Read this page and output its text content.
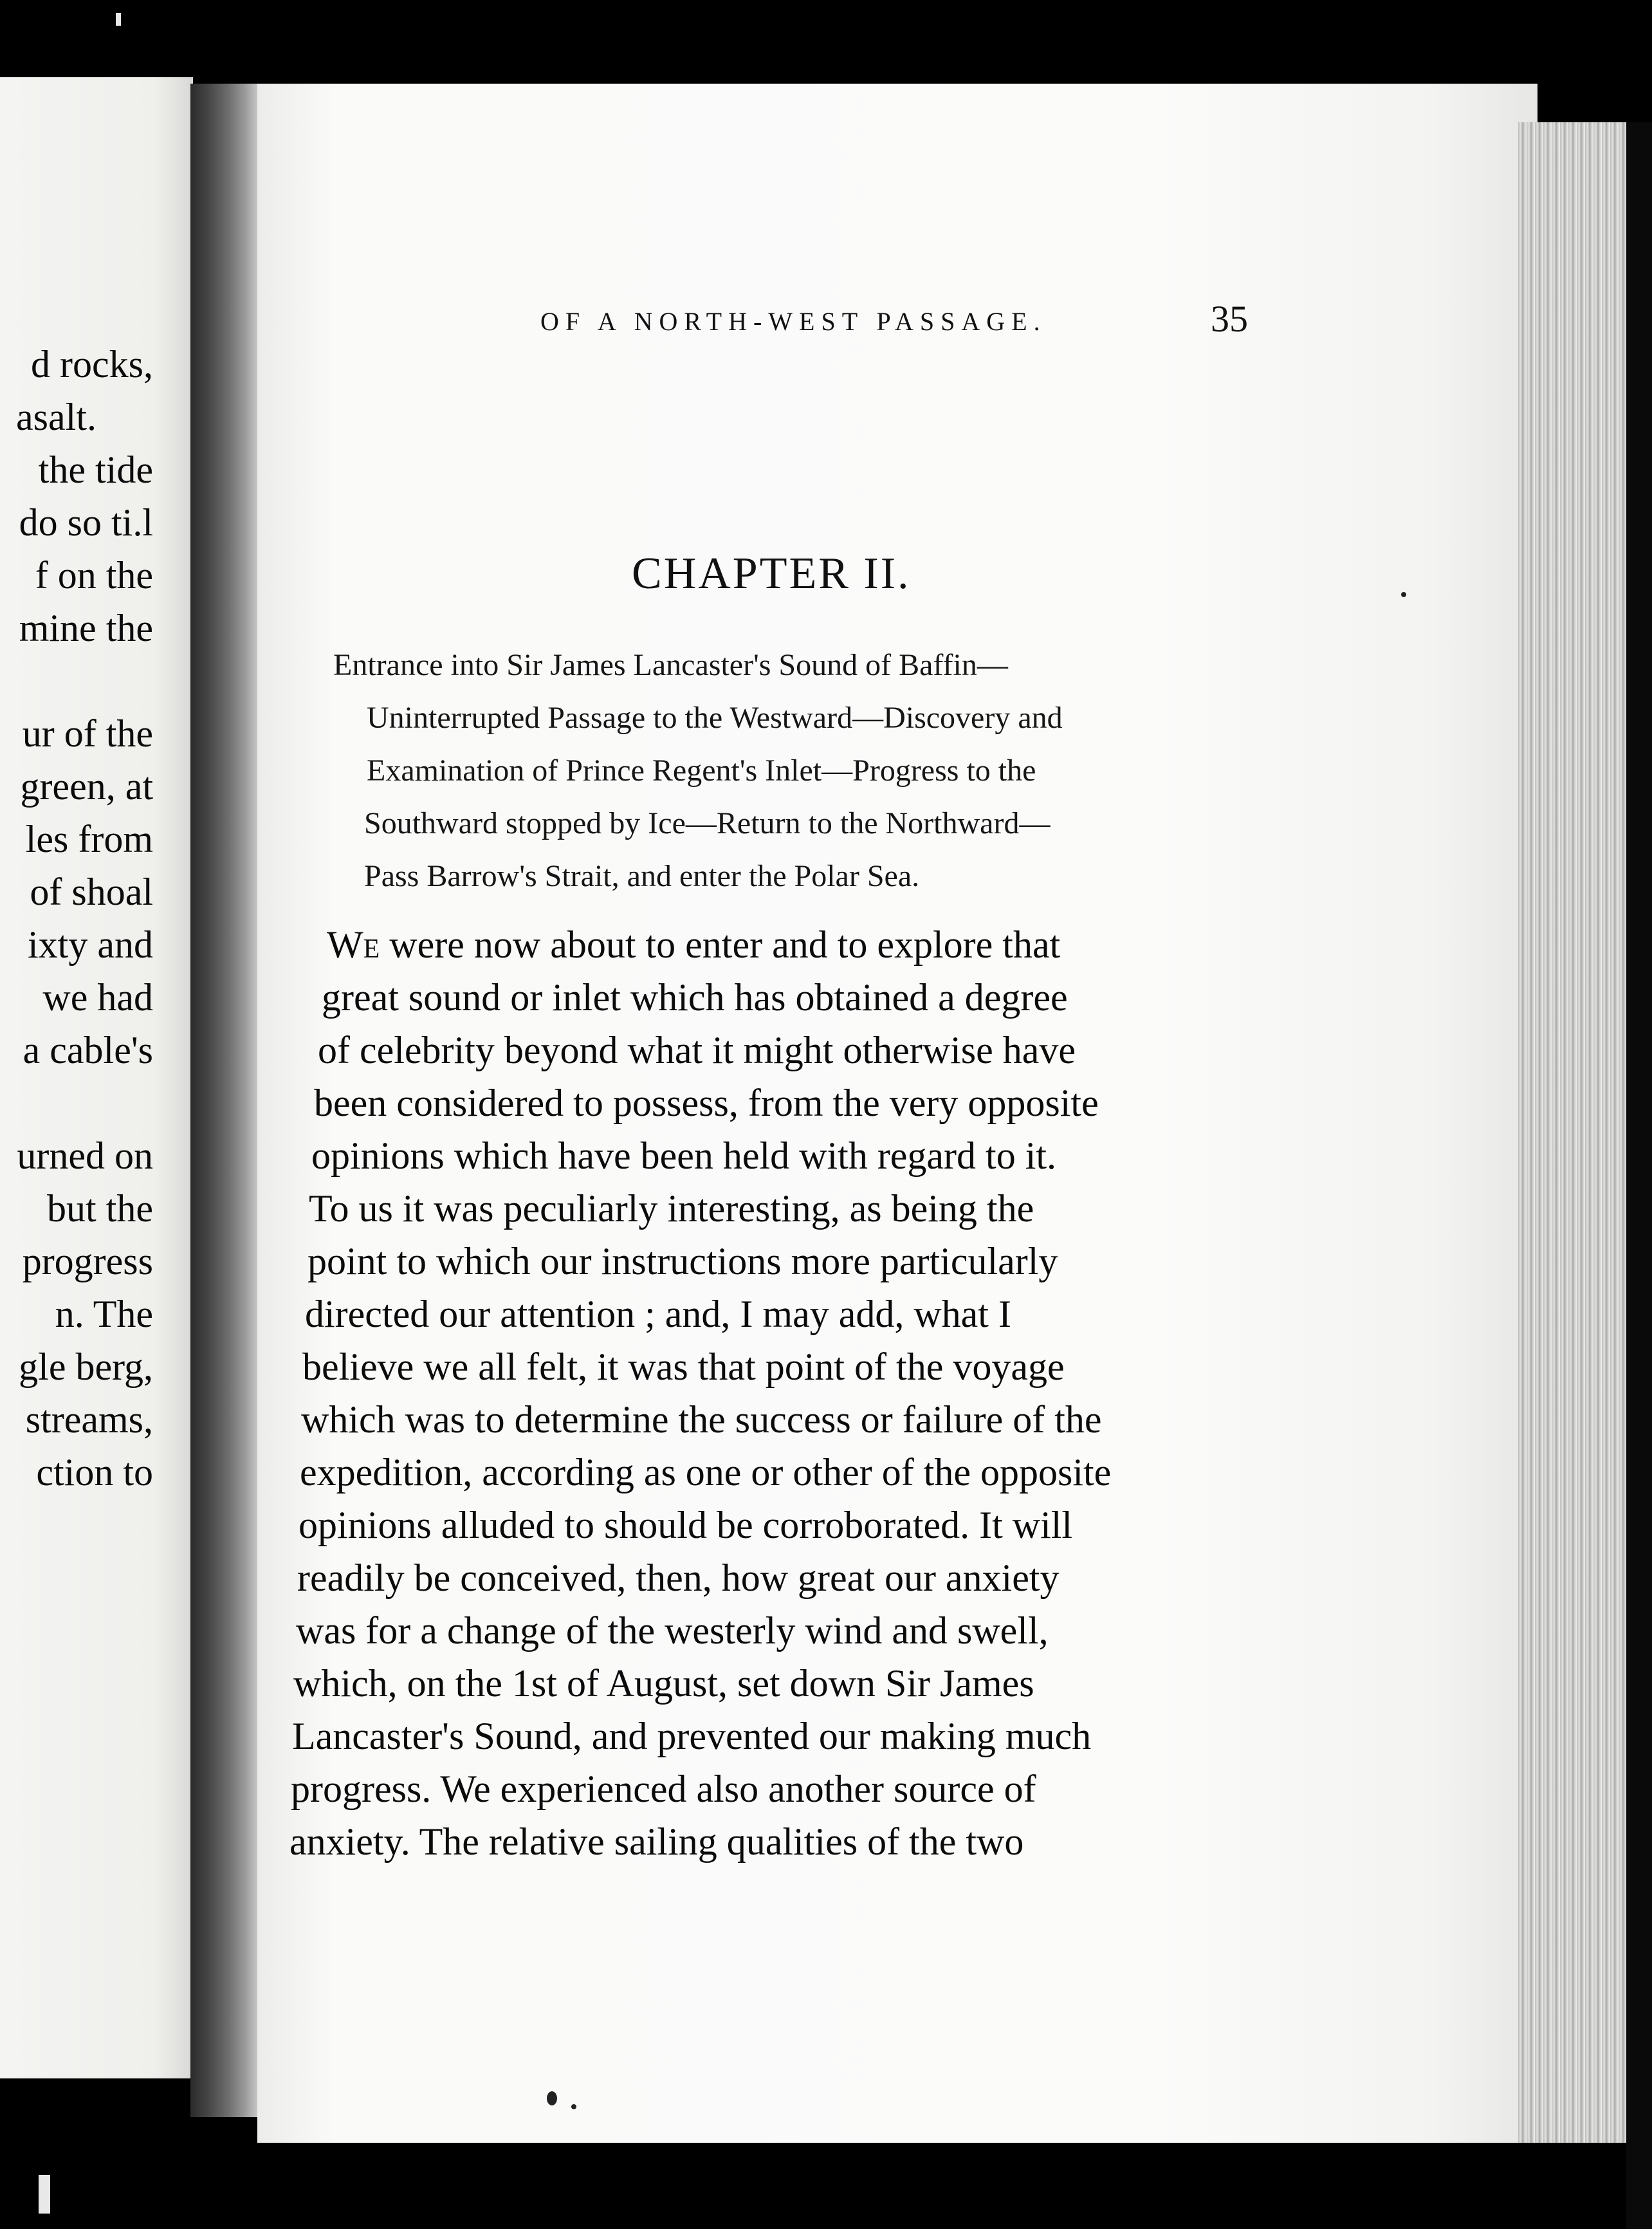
d rocks,
asalt.
the tide
do so ti.l
f on the
mine the
ur of the
green, at
les from
of shoal
ixty and
we had
a cable's
urned on
but the
progress
n. The
gle berg,
streams,
ction to
OF A NORTH-WEST PASSAGE.	35
CHAPTER II.
Entrance into Sir James Lancaster's Sound of Baffin—
Uninterrupted Passage to the Westward—Discovery and
Examination of Prince Regent's Inlet—Progress to the
Southward stopped by Ice—Return to the Northward—
Pass Barrow's Strait, and enter the Polar Sea.
We were now about to enter and to explore that
great sound or inlet which has obtained a degree
of celebrity beyond what it might otherwise have
been considered to possess, from the very opposite
opinions which have been held with regard to it.
To us it was peculiarly interesting, as being the
point to which our instructions more particularly
directed our attention ; and, I may add, what I
believe we all felt, it was that point of the voyage
which was to determine the success or failure of the
expedition, according as one or other of the opposite
opinions alluded to should be corroborated. It will
readily be conceived, then, how great our anxiety
was for a change of the westerly wind and swell,
which, on the 1st of August, set down Sir James
Lancaster's Sound, and prevented our making much
progress. We experienced also another source of
anxiety. The relative sailing qualities of the two
